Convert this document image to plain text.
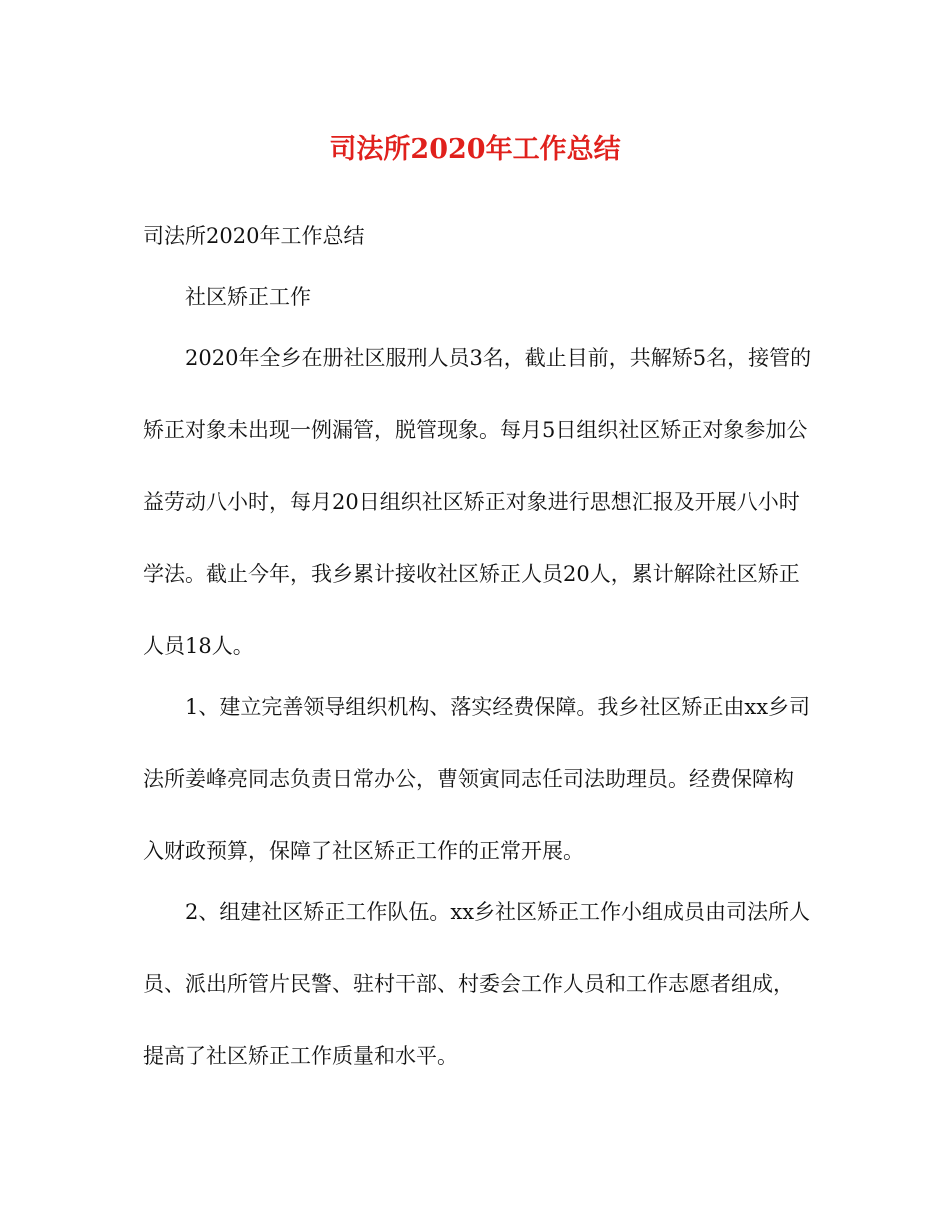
司法所2020年工作总结

司法所2020年工作总结

社区矫正工作

2020年全乡在册社区服刑人员3名，截止目前，共解矫5名，接管的矫正对象未出现一例漏管，脱管现象。每月5日组织社区矫正对象参加公益劳动八小时，每月20日组织社区矫正对象进行思想汇报及开展八小时学法。截止今年，我乡累计接收社区矫正人员20人，累计解除社区矫正人员18人。

1、建立完善领导组织机构、落实经费保障。我乡社区矫正由xx乡司法所姜峰亮同志负责日常办公，曹领寅同志任司法助理员。经费保障构入财政预算，保障了社区矫正工作的正常开展。

2、组建社区矫正工作队伍。xx乡社区矫正工作小组成员由司法所人员、派出所管片民警、驻村干部、村委会工作人员和工作志愿者组成，提高了社区矫正工作质量和水平。
